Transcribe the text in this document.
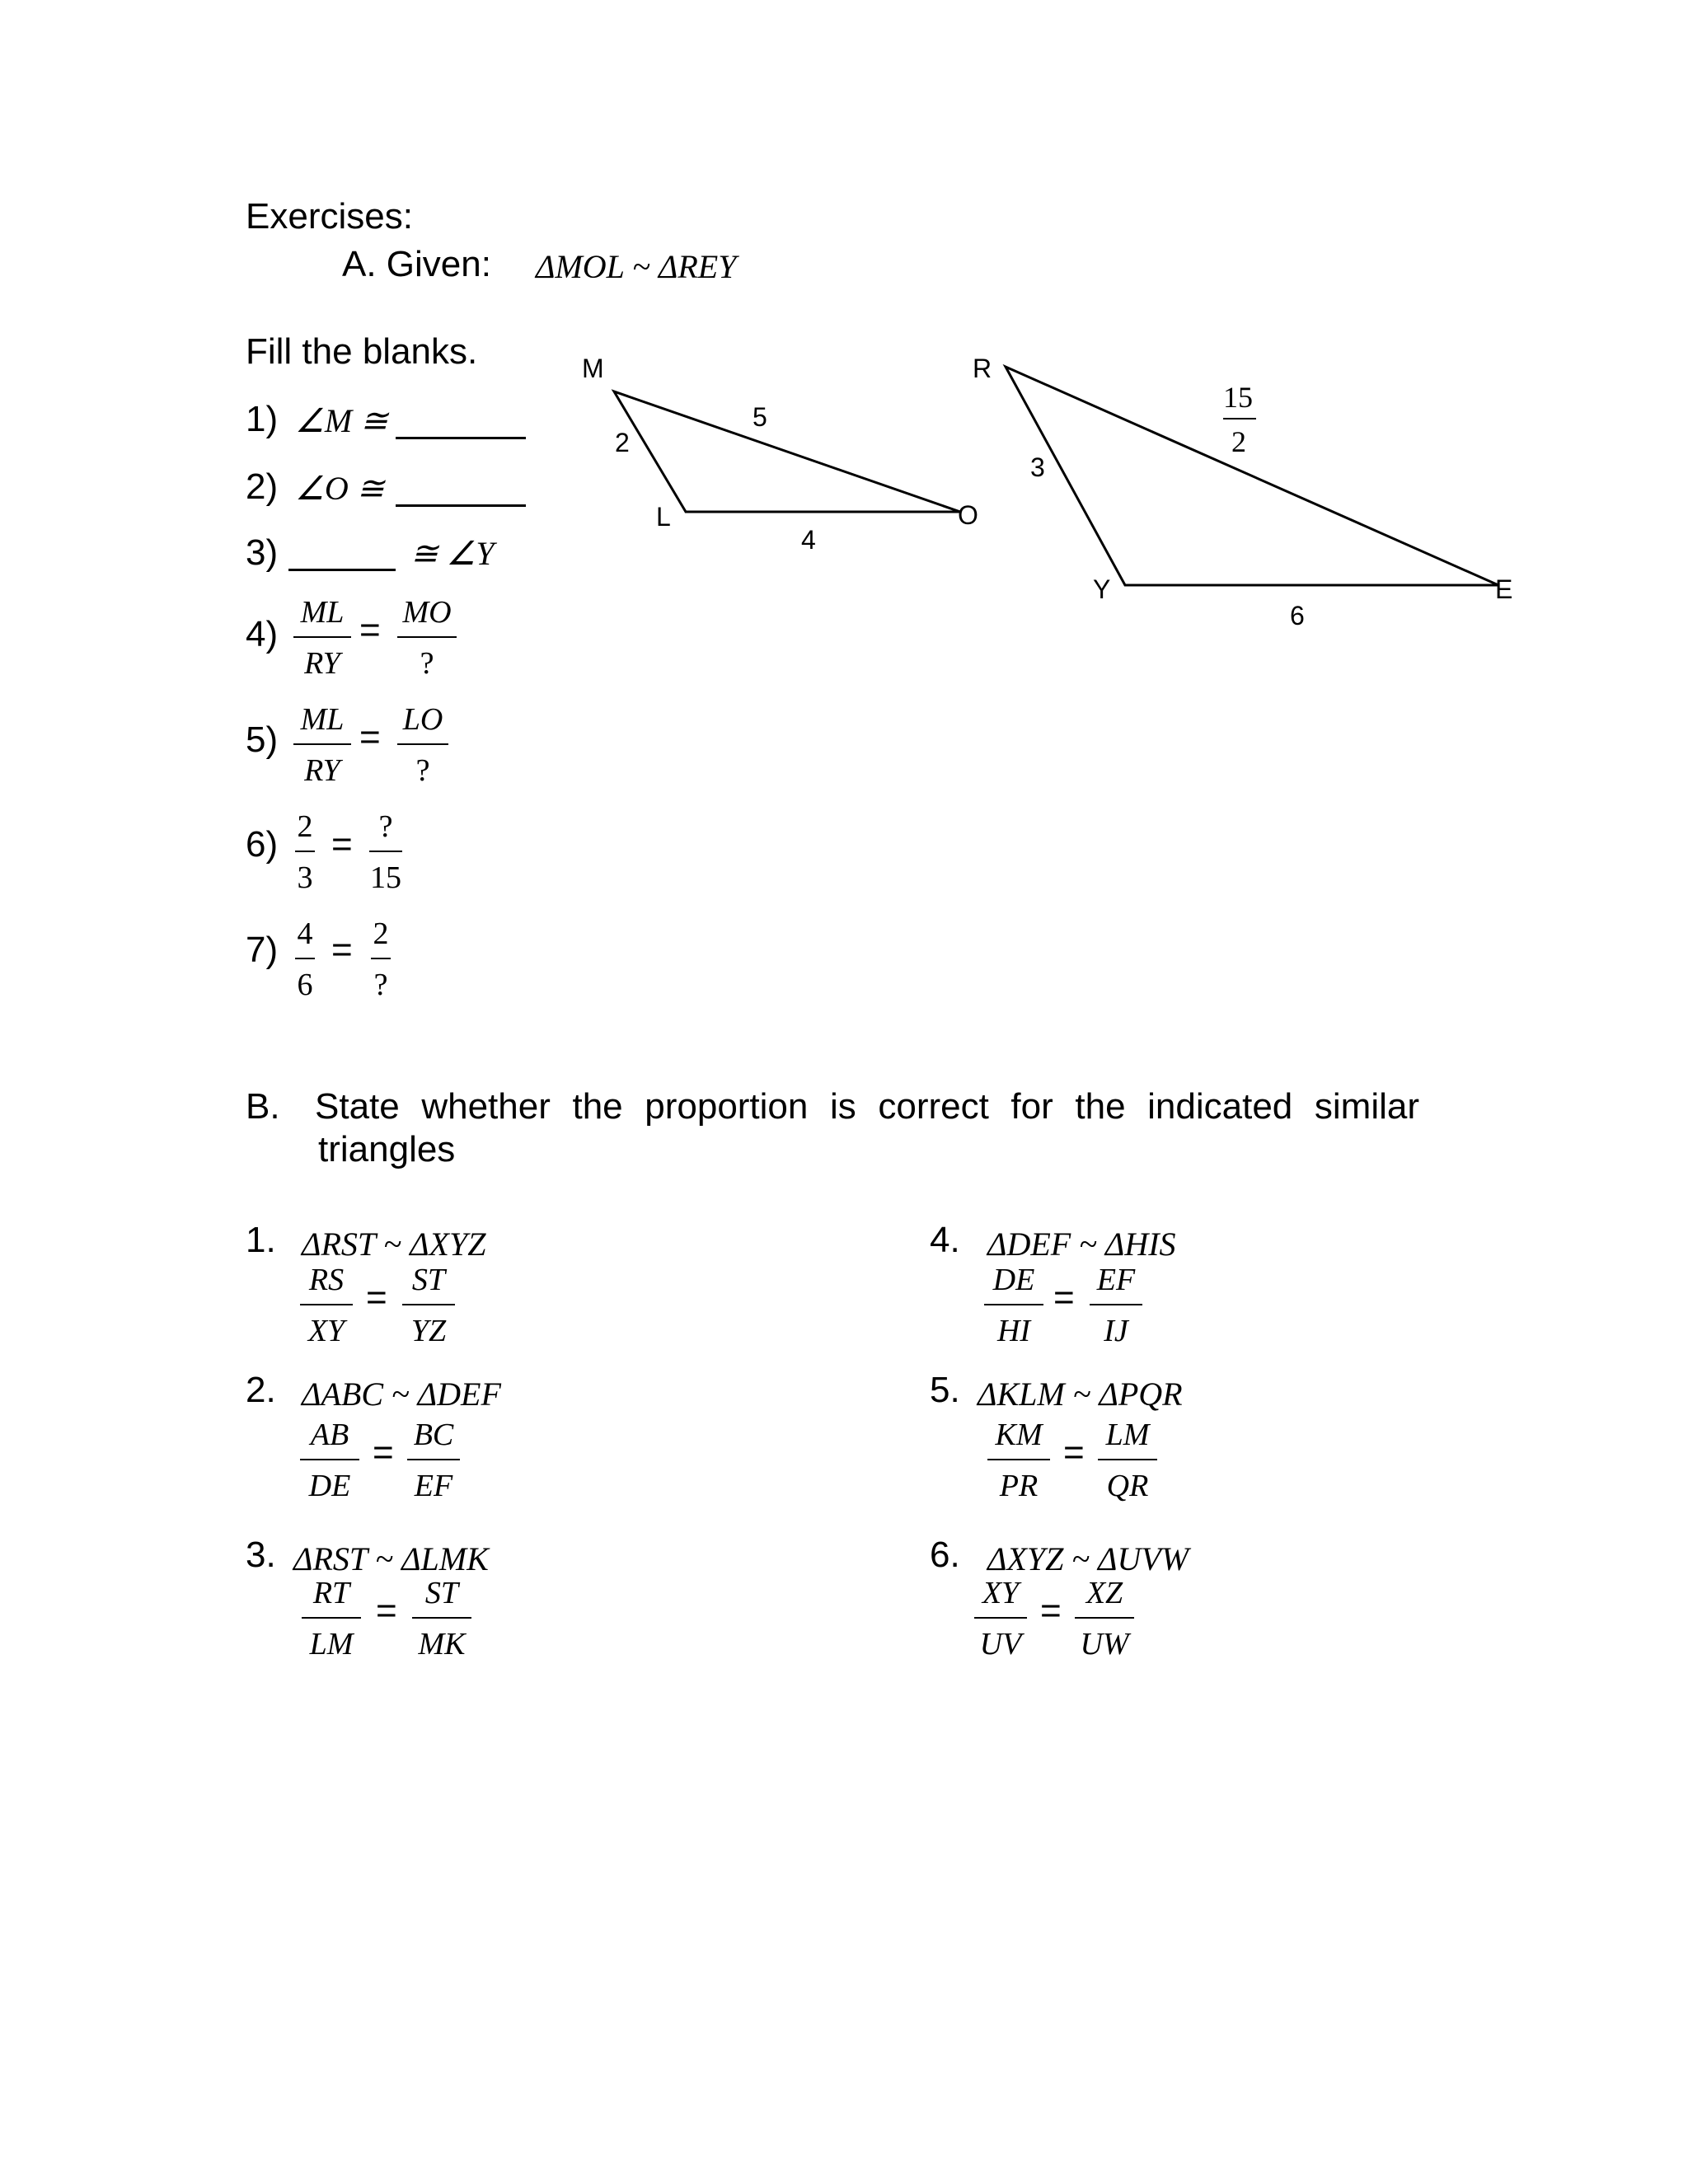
Exercises:
A. Given: ΔMOL ~ ΔREY
Fill the blanks.
1) ∠M ≅
2) ∠O ≅
3)	≅ ∠Y
4)
ML
RY
= MO
?
5) ML
RY
= LO
?
6) 2
3
= ?
15
7) 4
6
= 2
?
M
L	O
2
5
4
R
Y	E
3
6
15
2
B. State whether the proportion is correct for the indicated similar
triangles
1. ΔRST ~ ΔXYZ
RS
XY
= ST
YZ
2. ΔABC ~ ΔDEF
AB
DE
= BC
EF
3. ΔRST ~ ΔLMK
RT
LM
= ST
MK
4. ΔDEF ~ ΔHIS
DE
HI
= EF
IJ
5. ΔKLM ~ ΔPQR
KM
PR
= LM
QR
6. ΔXYZ ~ ΔUVW
XY
UV
= XZ
UW
